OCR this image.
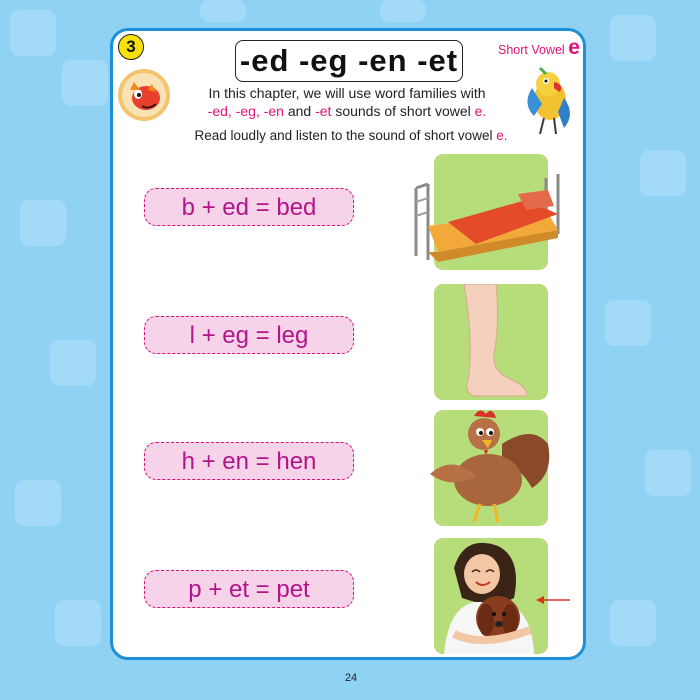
3	-ed -eg -en -et	Short Vowel e
In this chapter, we will use word families with
-ed, -eg, -en and -et sounds of short vowel e.
Read loudly and listen to the sound of short vowel e.
b + ed = bed
l + eg = leg
h + en = hen
p + et = pet
24
